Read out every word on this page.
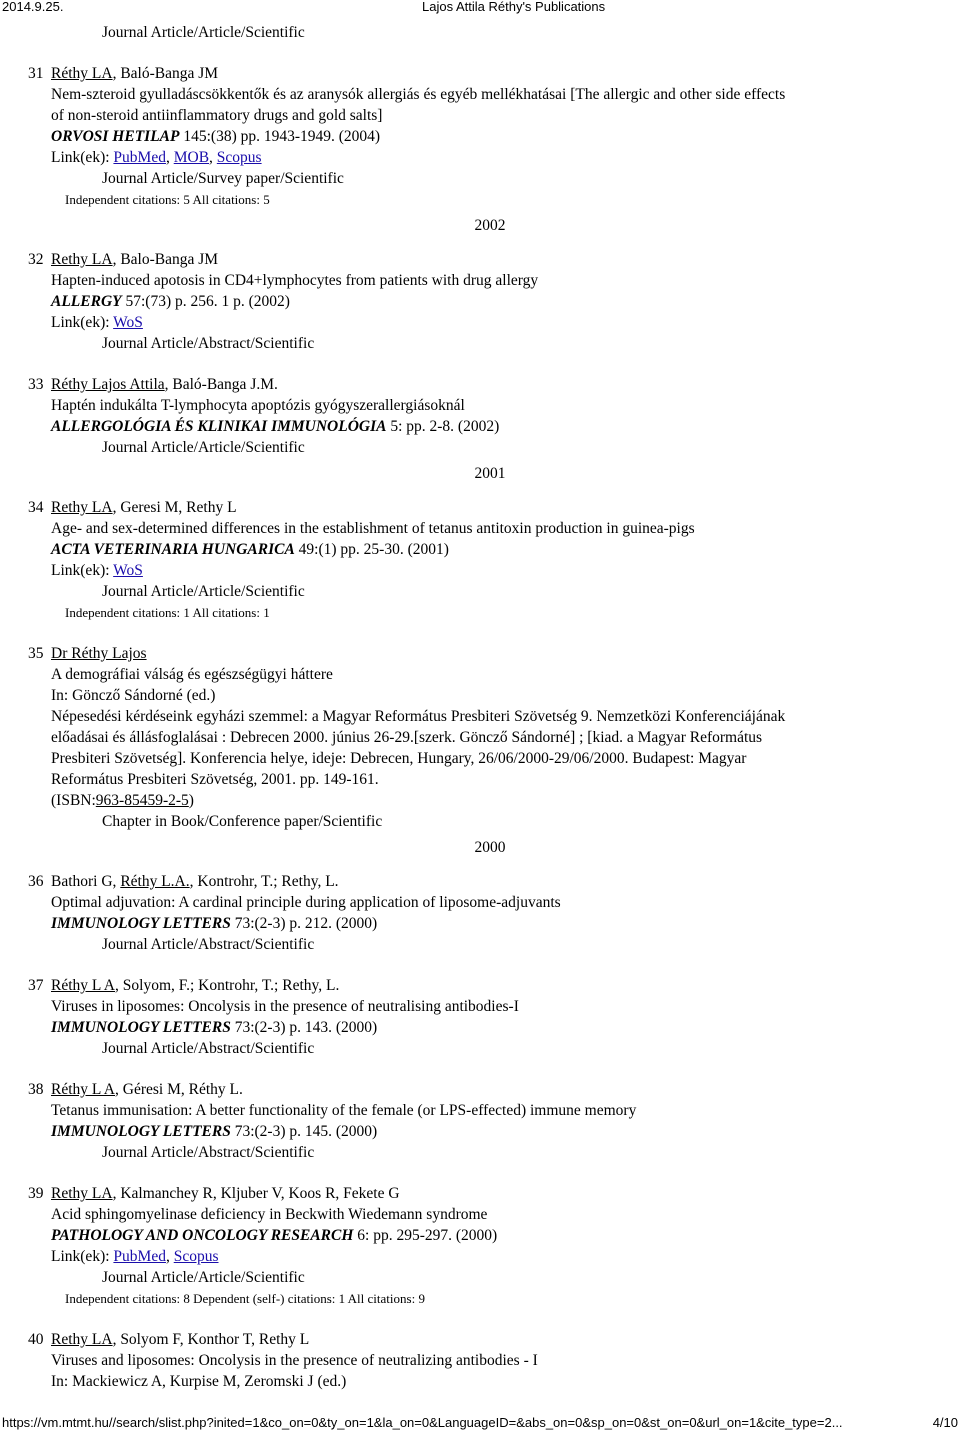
2014.9.25.	Lajos Attila Réthy's Publications
Journal Article/Article/Scientific
31 Réthy LA, Baló-Banga JM
Nem-szteroid gyulladáscsökkentők és az aranysók allergiás és egyéb mellékhatásai [The allergic and other side effects
of non-steroid antiinflammatory drugs and gold salts]
ORVOSI HETILAP 145:(38) pp. 1943-1949. (2004)
Link(ek): PubMed, MOB, Scopus
Journal Article/Survey paper/Scientific
Independent citations: 5 All citations: 5
2002
32 Rethy LA, Balo-Banga JM
Hapten-induced apotosis in CD4+lymphocytes from patients with drug allergy
ALLERGY 57:(73) p. 256. 1 p. (2002)
Link(ek): WoS
Journal Article/Abstract/Scientific
33 Réthy Lajos Attila, Baló-Banga J.M.
Haptén indukálta T-lymphocyta apoptózis gyógyszerallergiásoknál
ALLERGOLÓGIA ÉS KLINIKAI IMMUNOLÓGIA 5: pp. 2-8. (2002)
Journal Article/Article/Scientific
2001
34 Rethy LA, Geresi M, Rethy L
Age- and sex-determined differences in the establishment of tetanus antitoxin production in guinea-pigs
ACTA VETERINARIA HUNGARICA 49:(1) pp. 25-30. (2001)
Link(ek): WoS
Journal Article/Article/Scientific
Independent citations: 1 All citations: 1
35 Dr Réthy Lajos
A demográfiai válság és egészségügyi háttere
In: Göncző Sándorné (ed.)
Népesedési kérdéseink egyházi szemmel: a Magyar Református Presbiteri Szövetség 9. Nemzetközi Konferenciájának
előadásai és állásfoglalásai : Debrecen 2000. június 26-29.[szerk. Göncző Sándorné] ; [kiad. a Magyar Református
Presbiteri Szövetség]. Konferencia helye, ideje: Debrecen, Hungary, 26/06/2000-29/06/2000. Budapest: Magyar
Református Presbiteri Szövetség, 2001. pp. 149-161.
(ISBN:963-85459-2-5)
Chapter in Book/Conference paper/Scientific
2000
36 Bathori G, Réthy L.A., Kontrohr, T.; Rethy, L.
Optimal adjuvation: A cardinal principle during application of liposome-adjuvants
IMMUNOLOGY LETTERS 73:(2-3) p. 212. (2000)
Journal Article/Abstract/Scientific
37 Réthy L A, Solyom, F.; Kontrohr, T.; Rethy, L.
Viruses in liposomes: Oncolysis in the presence of neutralising antibodies-I
IMMUNOLOGY LETTERS 73:(2-3) p. 143. (2000)
Journal Article/Abstract/Scientific
38 Réthy L A, Géresi M, Réthy L.
Tetanus immunisation: A better functionality of the female (or LPS-effected) immune memory
IMMUNOLOGY LETTERS 73:(2-3) p. 145. (2000)
Journal Article/Abstract/Scientific
39 Rethy LA, Kalmanchey R, Kljuber V, Koos R, Fekete G
Acid sphingomyelinase deficiency in Beckwith Wiedemann syndrome
PATHOLOGY AND ONCOLOGY RESEARCH 6: pp. 295-297. (2000)
Link(ek): PubMed, Scopus
Journal Article/Article/Scientific
Independent citations: 8 Dependent (self-) citations: 1 All citations: 9
40 Rethy LA, Solyom F, Konthor T, Rethy L
Viruses and liposomes: Oncolysis in the presence of neutralizing antibodies - I
In: Mackiewicz A, Kurpise M, Zeromski J (ed.)
https://vm.mtmt.hu//search/slist.php?inited=1&co_on=0&ty_on=1&la_on=0&LanguageID=&abs_on=0&sp_on=0&st_on=0&url_on=1&cite_type=2...	4/10
